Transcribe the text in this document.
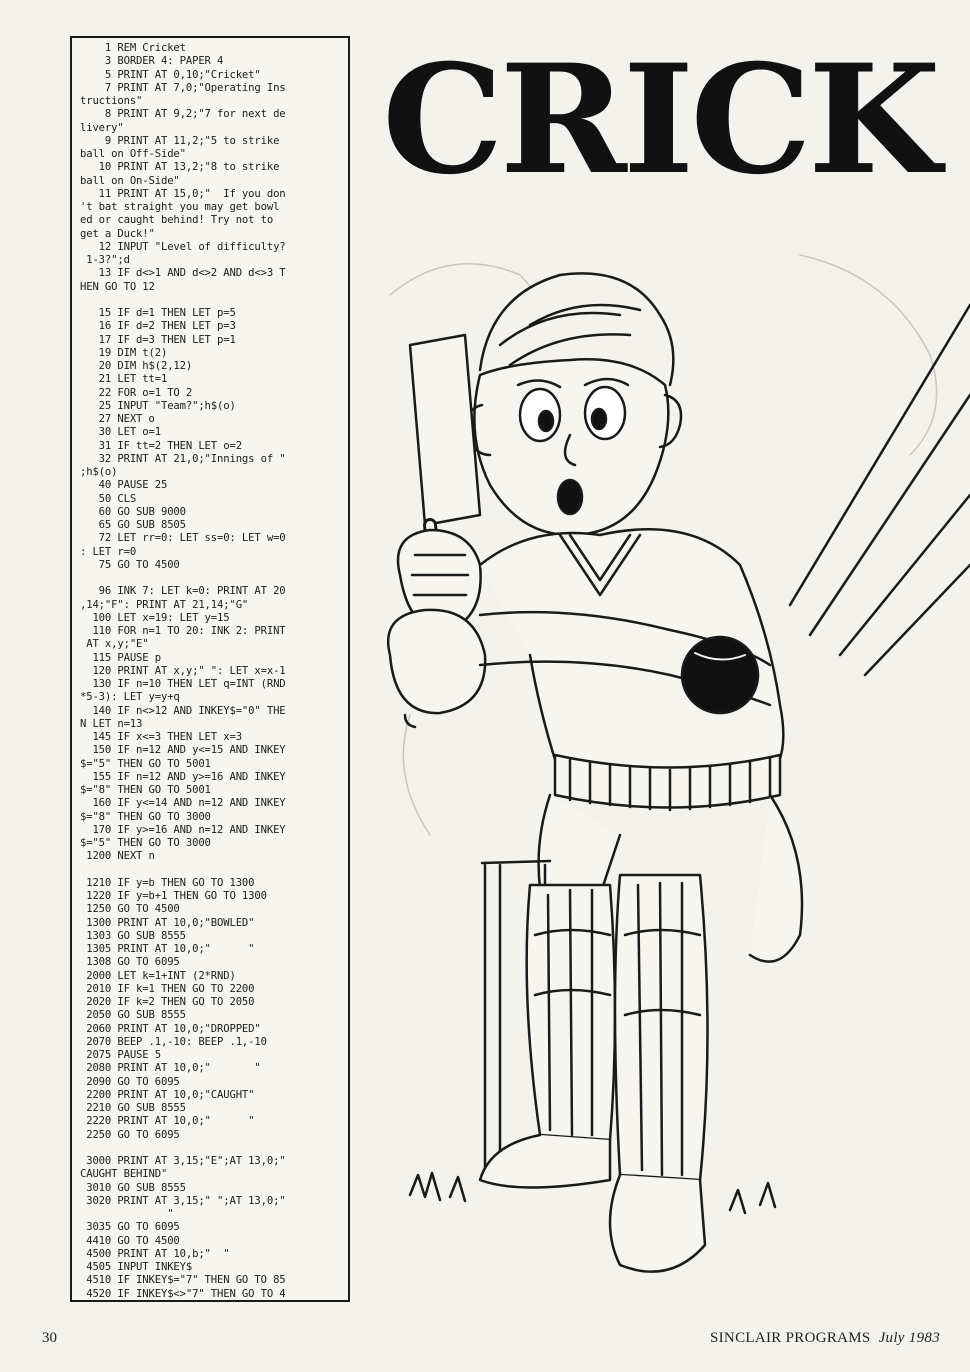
1 REM Cricket
3 BORDER 4: PAPER 4
5 PRINT AT 0,10;"Cricket"
7 PRINT AT 7,0;"Operating Ins
tructions"
8 PRINT AT 9,2;"7 for next de
livery"
9 PRINT AT 11,2;"5 to strike
ball on Off-Side"
10 PRINT AT 13,2;"8 to strike
ball on On-Side"
11 PRINT AT 15,0;"  If you don
't bat straight you may get bowl
ed or caught behind! Try not to
get a Duck!"
12 INPUT "Level of difficulty?
1-3?";d
13 IF d<>1 AND d<>2 AND d<>3 T
HEN GO TO 12
15 IF d=1 THEN LET p=5
16 IF d=2 THEN LET p=3
17 IF d=3 THEN LET p=1
19 DIM t(2)
20 DIM h$(2,12)
21 LET tt=1
22 FOR o=1 TO 2
25 INPUT "Team?";h$(o)
27 NEXT o
30 LET o=1
31 IF tt=2 THEN LET o=2
32 PRINT AT 21,0;"Innings of "
;h$(o)
40 PAUSE 25
50 CLS
60 GO SUB 9000
65 GO SUB 8505
72 LET rr=0: LET ss=0: LET w=0
: LET r=0
75 GO TO 4500
96 INK 7: LET k=0: PRINT AT 20
,14;"F": PRINT AT 21,14;"G"
100 LET x=19: LET y=15
110 FOR n=1 TO 20: INK 2: PRINT
AT x,y;"E"
115 PAUSE p
120 PRINT AT x,y;" ": LET x=x-1
130 IF n=10 THEN LET q=INT (RND
*5-3): LET y=y+q
140 IF n<>12 AND INKEY$="0" THE
N LET n=13
145 IF x<=3 THEN LET x=3
150 IF n=12 AND y<=15 AND INKEY
$="5" THEN GO TO 5001
155 IF n=12 AND y>=16 AND INKEY
$="8" THEN GO TO 5001
160 IF y<=14 AND n=12 AND INKEY
$="8" THEN GO TO 3000
170 IF y>=16 AND n=12 AND INKEY
$="5" THEN GO TO 3000
1200 NEXT n
1210 IF y=b THEN GO TO 1300
1220 IF y=b+1 THEN GO TO 1300
1250 GO TO 4500
1300 PRINT AT 10,0;"BOWLED"
1303 GO SUB 8555
1305 PRINT AT 10,0;"      "
1308 GO TO 6095
2000 LET k=1+INT (2*RND)
2010 IF k=1 THEN GO TO 2200
2020 IF k=2 THEN GO TO 2050
2050 GO SUB 8555
2060 PRINT AT 10,0;"DROPPED"
2070 BEEP .1,-10: BEEP .1,-10
2075 PAUSE 5
2080 PRINT AT 10,0;"       "
2090 GO TO 6095
2200 PRINT AT 10,0;"CAUGHT"
2210 GO SUB 8555
2220 PRINT AT 10,0;"      "
2250 GO TO 6095
3000 PRINT AT 3,15;"E";AT 13,0;"
CAUGHT BEHIND"
3010 GO SUB 8555
3020 PRINT AT 3,15;" ";AT 13,0;"
"
3035 GO TO 6095
4410 GO TO 4500
4500 PRINT AT 10,b;"  "
4505 INPUT INKEY$
4510 IF INKEY$="7" THEN GO TO 85
4520 IF INKEY$<>"7" THEN GO TO 4
CRICK
30	SINCLAIR PROGRAMS July 1983
